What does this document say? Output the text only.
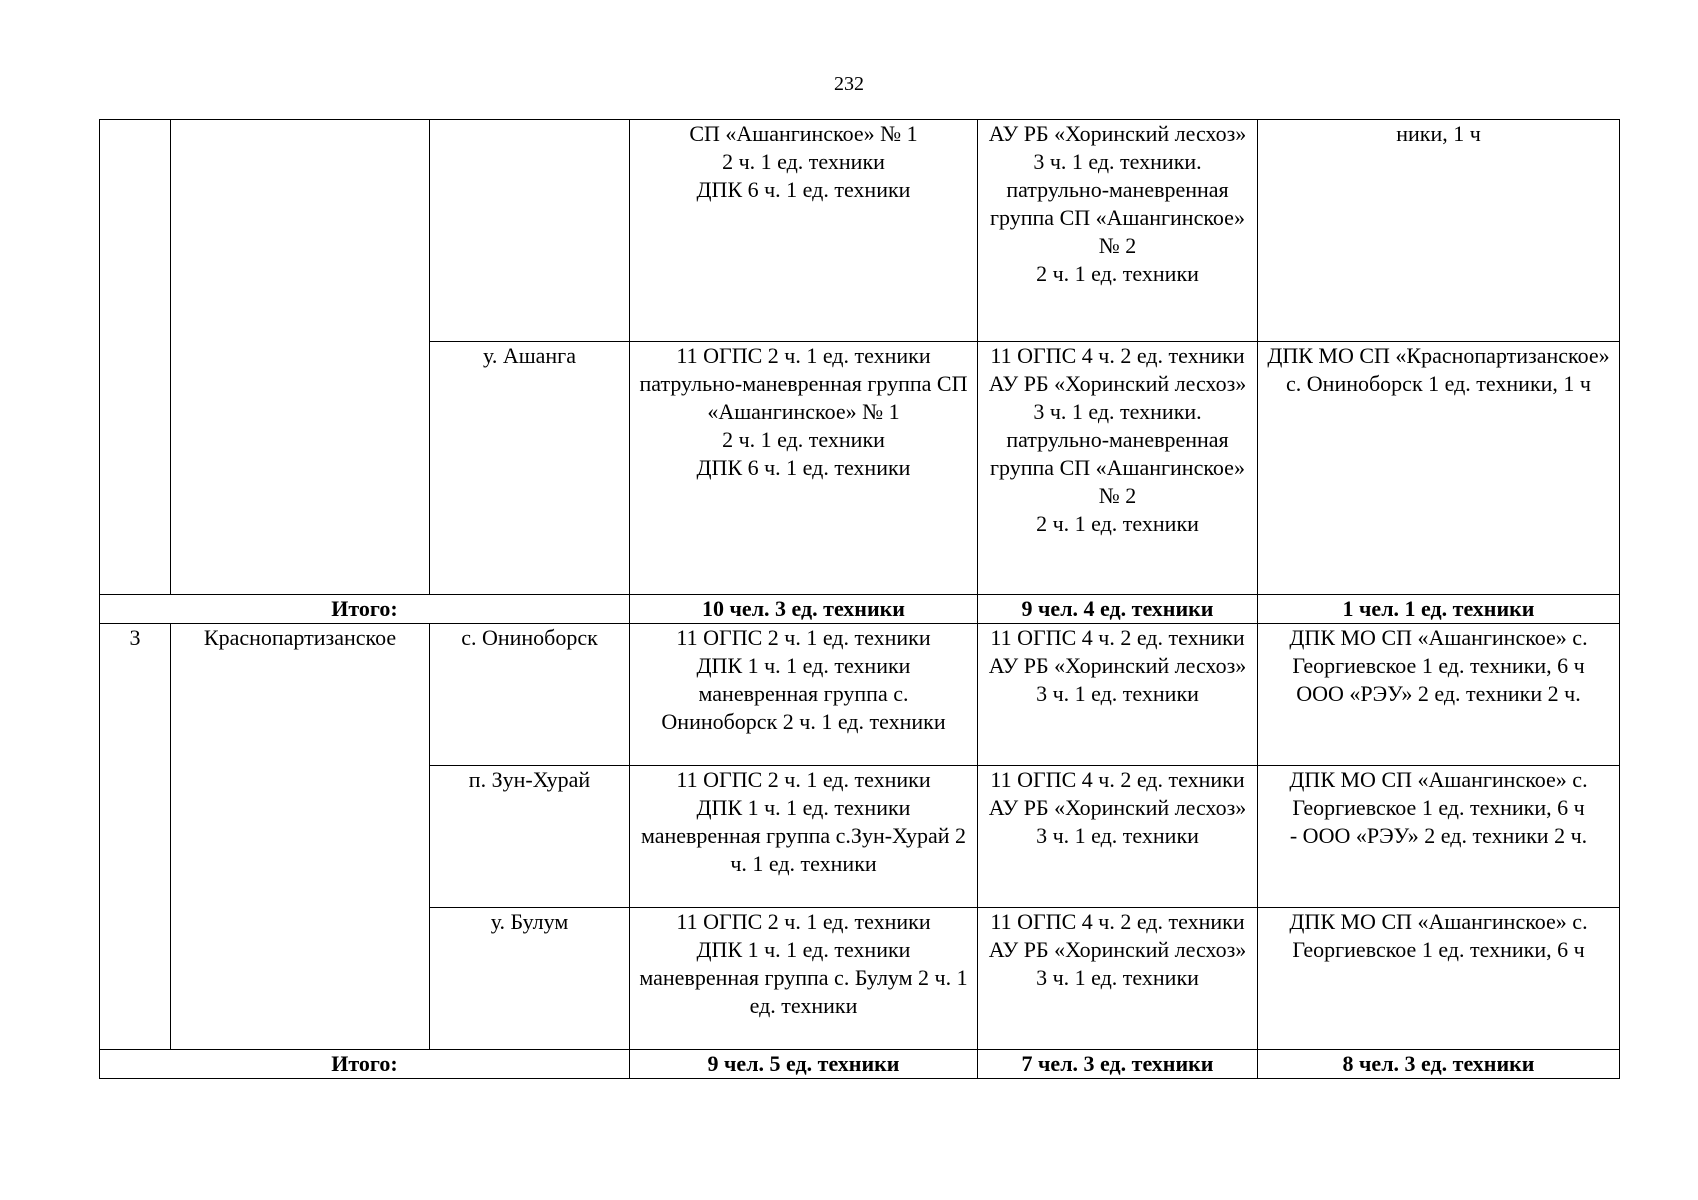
232
			СП «Ашангинское» № 1
2 ч. 1 ед. техники
ДПК 6 ч. 1 ед. техники	АУ РБ «Хоринский лесхоз» 3 ч. 1 ед. техники.
патрульно-маневренная группа СП «Ашангинское» № 2
2 ч. 1 ед. техники	ники, 1 ч
		у. Ашанга	11 ОГПС 2 ч. 1 ед. техники
патрульно-маневренная группа СП «Ашангинское» № 1
2 ч. 1 ед. техники
ДПК 6 ч. 1 ед. техники	11 ОГПС 4 ч. 2 ед. техники
АУ РБ «Хоринский лесхоз» 3 ч. 1 ед. техники.
патрульно-маневренная группа СП «Ашангинское» № 2
2 ч. 1 ед. техники	ДПК МО СП «Краснопартизанское» с. Ониноборск 1 ед. техники, 1 ч
Итого:			10 чел. 3 ед. техники	9 чел. 4 ед. техники	1 чел. 1 ед. техники
3	Краснопартизанское	с. Ониноборск	11 ОГПС 2 ч. 1 ед. техники
ДПК 1 ч. 1 ед. техники
маневренная группа с. Ониноборск 2 ч. 1 ед. техники	11 ОГПС 4 ч. 2 ед. техники
АУ РБ «Хоринский лесхоз» 3 ч. 1 ед. техники	ДПК МО СП «Ашангинское» с. Георгиевское 1 ед. техники, 6 ч
ООО «РЭУ» 2 ед. техники 2 ч.
		п. Зун-Хурай	11 ОГПС 2 ч. 1 ед. техники
ДПК 1 ч. 1 ед. техники
маневренная группа с.Зун-Хурай 2 ч. 1 ед. техники	11 ОГПС 4 ч. 2 ед. техники
АУ РБ «Хоринский лесхоз» 3 ч. 1 ед. техники	ДПК МО СП «Ашангинское» с. Георгиевское 1 ед. техники, 6 ч
- ООО «РЭУ» 2 ед. техники 2 ч.
		у. Булум	11 ОГПС 2 ч. 1 ед. техники
ДПК 1 ч. 1 ед. техники
маневренная группа с. Булум 2 ч. 1 ед. техники	11 ОГПС 4 ч. 2 ед. техники
АУ РБ «Хоринский лесхоз» 3 ч. 1 ед. техники	ДПК МО СП «Ашангинское» с. Георгиевское 1 ед. техники, 6 ч
Итого:			9 чел. 5 ед. техники	7 чел. 3 ед. техники	8 чел. 3 ед. техники
